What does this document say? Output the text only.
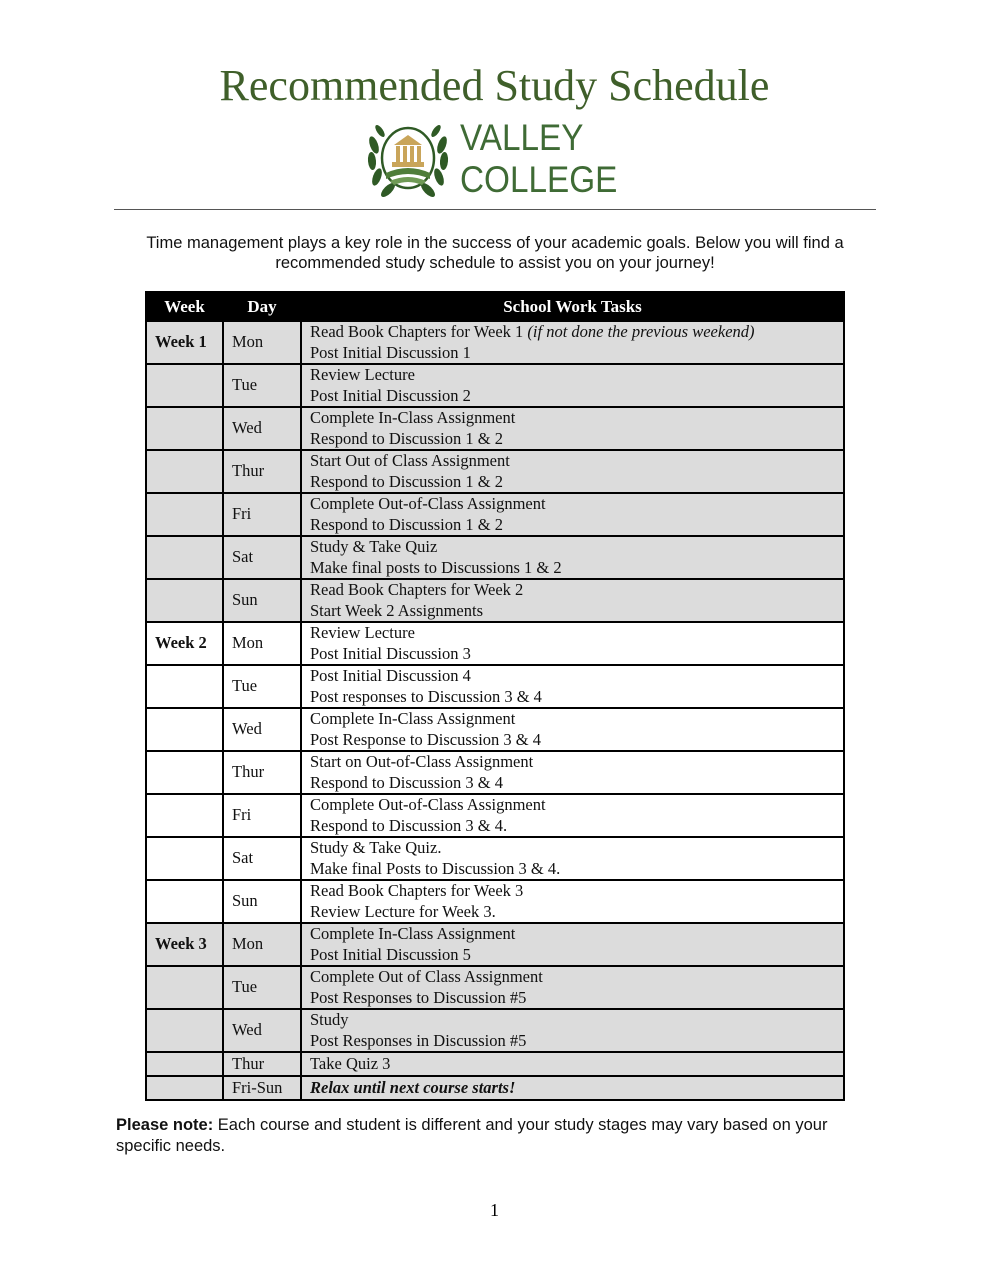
Recommended Study Schedule
VALLEY
COLLEGE
Time management plays a key role in the success of your academic goals. Below you will find a recommended study schedule to assist you on your journey!
Week	Day	School Work Tasks
Week 1	Mon	Read Book Chapters for Week 1 (if not done the previous weekend)
Post Initial Discussion 1

	Tue	Review Lecture
Post Initial Discussion 2

	Wed	Complete In-Class Assignment
Respond to Discussion 1 & 2

	Thur	Start Out of Class Assignment
Respond to Discussion 1 & 2

	Fri	Complete Out-of-Class Assignment
Respond to Discussion 1 & 2

	Sat	Study & Take Quiz
Make final posts to Discussions 1 & 2

	Sun	Read Book Chapters for Week 2
Start Week 2 Assignments

Week 2	Mon	Review Lecture
Post Initial Discussion 3

	Tue	Post Initial Discussion 4
Post responses to Discussion 3 & 4

	Wed	Complete In-Class Assignment
Post Response to Discussion 3 & 4

	Thur	Start on Out-of-Class Assignment
Respond to Discussion 3 & 4

	Fri	Complete Out-of-Class Assignment
Respond to Discussion 3 & 4.

	Sat	Study & Take Quiz.
Make final Posts to Discussion 3 & 4.

	Sun	Read Book Chapters for Week 3
Review Lecture for Week 3.

Week 3	Mon	Complete In-Class Assignment
Post Initial Discussion 5

	Tue	Complete Out of Class Assignment
Post Responses to Discussion #5

	Wed	Study
Post Responses in Discussion #5

	Thur	Take Quiz 3

	Fri-Sun	Relax until next course starts!
Please note: Each course and student is different and your study stages may vary based on your specific needs.
1
